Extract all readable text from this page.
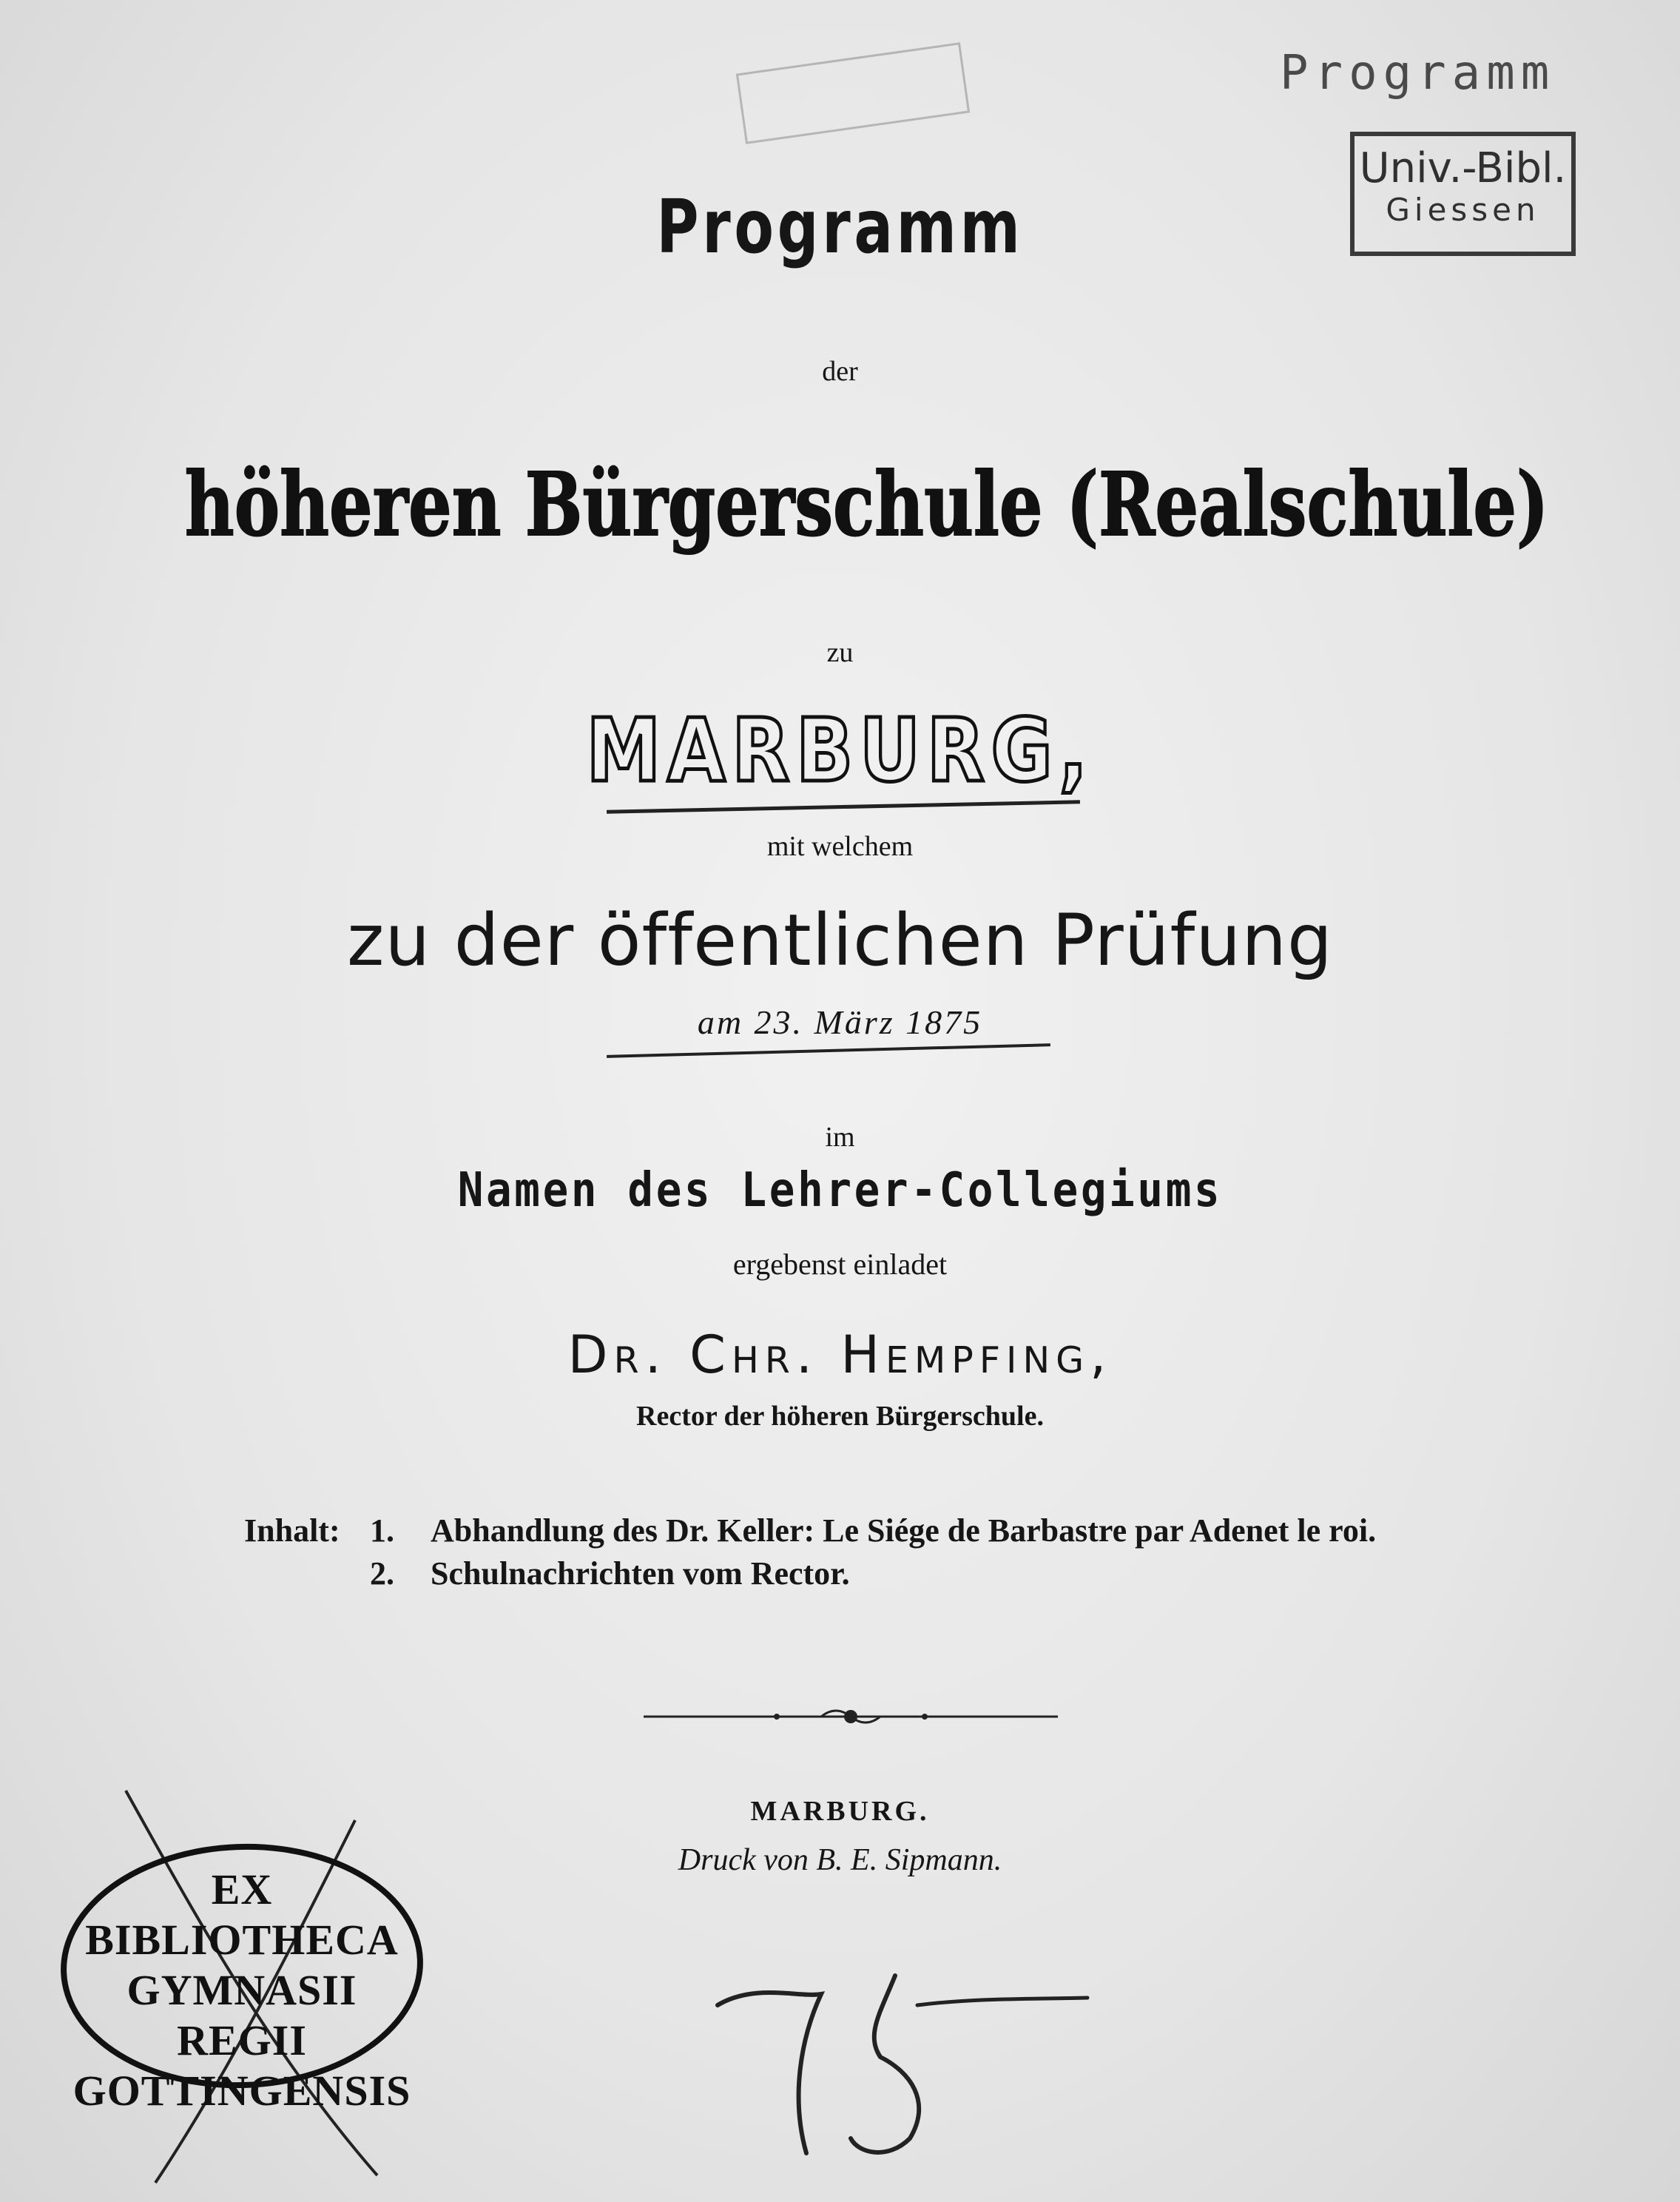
Programm
Univ.-Bibl.
Giessen
Programm
der
höheren Bürgerschule (Realschule)
zu
MARBURG,
mit welchem
zu der öffentlichen Prüfung
am 23. März 1875
im
Namen des Lehrer-Collegiums
ergebenst einladet
Dr. Chr. Hempfing,
Rector der höheren Bürgerschule.
Inhalt: 1.	Abhandlung des Dr. Keller: Le Siége de Barbastre par Adenet le roi.
2.	Schulnachrichten vom Rector.
MARBURG.
Druck von B. E. Sipmann.
EX
BIBLIOTHECA
GYMNASII REGII
GOTTINGENSIS
